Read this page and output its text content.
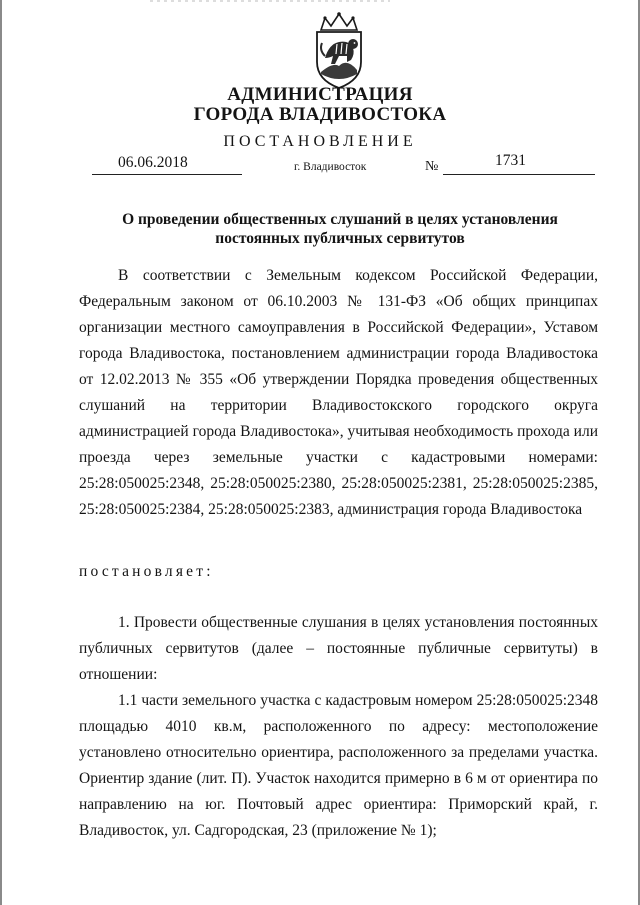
АДМИНИСТРАЦИЯ
ГОРОДА ВЛАДИВОСТОКА
ПОСТАНОВЛЕНИЕ
06.06.2018	г. Владивосток	№	1731
О проведении общественных слушаний в целях установления
постоянных публичных сервитутов

В соответствии с Земельным кодексом Российской Федерации, Федеральным законом от 06.10.2003 № 131-ФЗ «Об общих принципах организации местного самоуправления в Российской Федерации», Уставом города Владивостока, постановлением администрации города Владивостока от 12.02.2013 № 355 «Об утверждении Порядка проведения общественных слушаний на территории Владивостокского городского округа администрацией города Владивостока», учитывая необходимость прохода или проезда через земельные участки с кадастровыми номерами: 25:28:050025:2348, 25:28:050025:2380, 25:28:050025:2381, 25:28:050025:2385, 25:28:050025:2384, 25:28:050025:2383, администрация города Владивостока

постановляет:

1. Провести общественные слушания в целях установления постоянных публичных сервитутов (далее – постоянные публичные сервитуты) в отношении:

1.1 части земельного участка с кадастровым номером 25:28:050025:2348 площадью 4010 кв.м, расположенного по адресу: местоположение установлено относительно ориентира, расположенного за пределами участка. Ориентир здание (лит. П). Участок находится примерно в 6 м от ориентира по направлению на юг. Почтовый адрес ориентира: Приморский край, г. Владивосток, ул. Садгородская, 23 (приложение № 1);
